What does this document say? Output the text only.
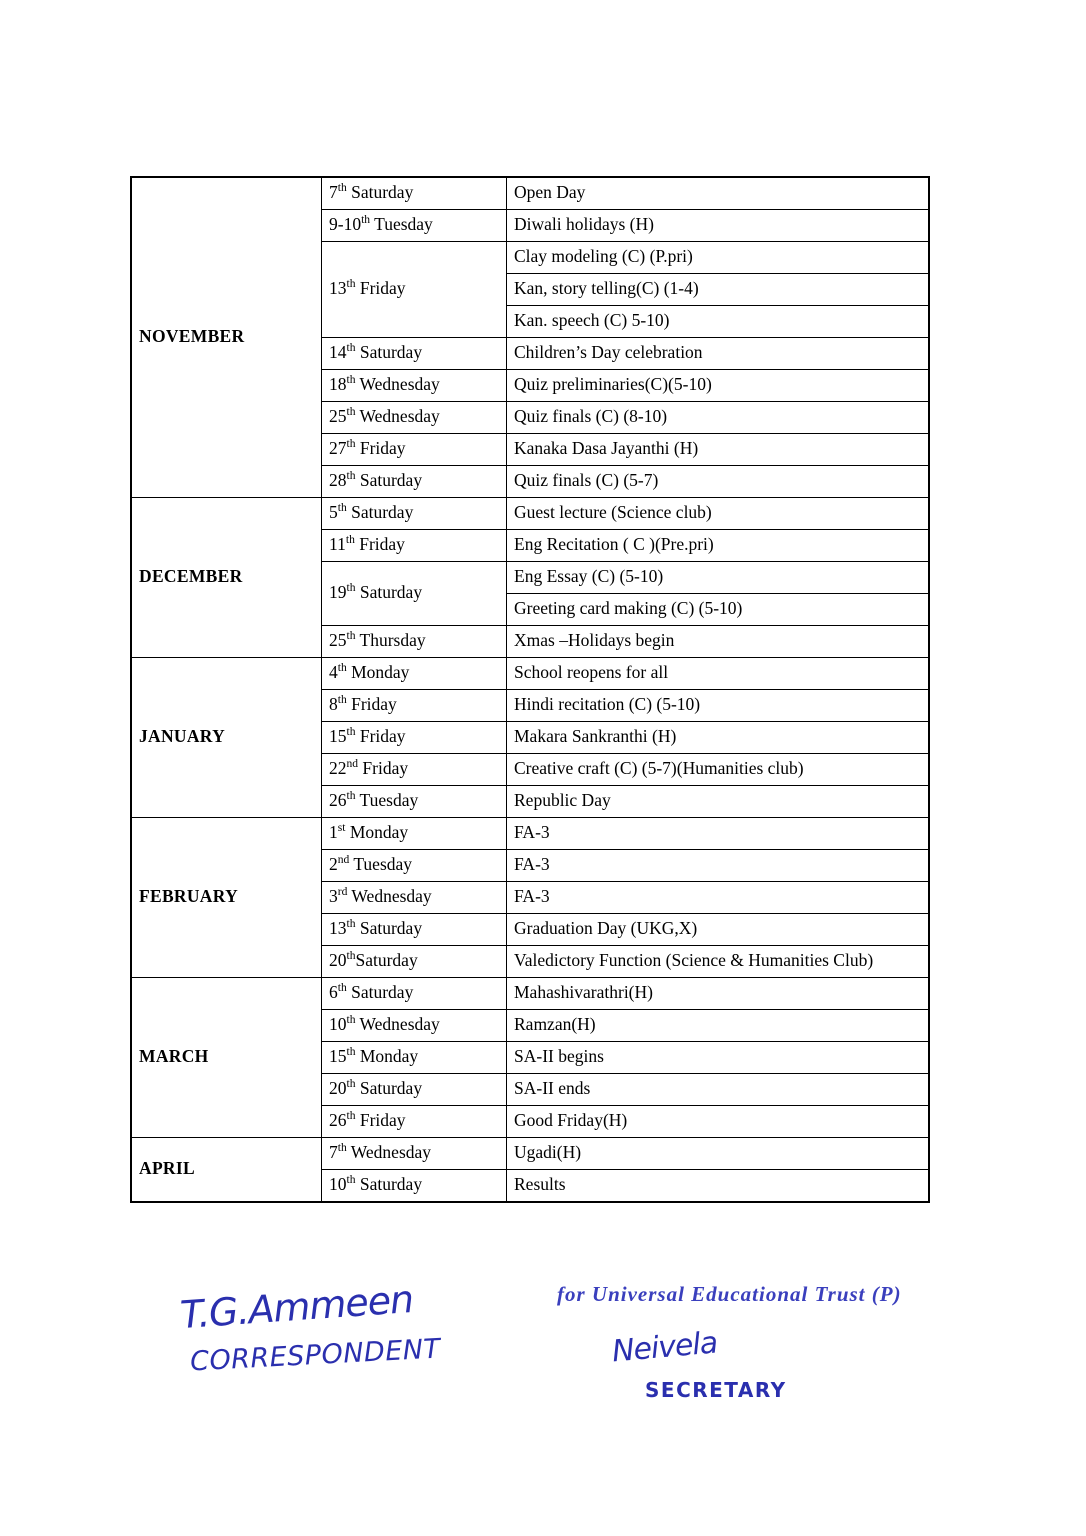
NOVEMBER	7th Saturday	Open Day
	9-10th Tuesday	Diwali holidays (H)
	13th Friday	Clay modeling (C) (P.pri)
		Kan, story telling(C) (1-4)
		Kan. speech (C) 5-10)
	14th Saturday	Children’s Day celebration
	18th Wednesday	Quiz preliminaries(C)(5-10)
	25th Wednesday	Quiz finals (C) (8-10)
	27th Friday	Kanaka Dasa Jayanthi (H)
	28th Saturday	Quiz finals (C) (5-7)
DECEMBER	5th Saturday	Guest lecture (Science club)
	11th Friday	Eng Recitation ( C )(Pre.pri)
	19th Saturday	Eng Essay (C) (5-10)
		Greeting card making (C) (5-10)
	25th Thursday	Xmas –Holidays begin
JANUARY	4th Monday	School reopens for all
	8th Friday	Hindi recitation (C) (5-10)
	15th Friday	Makara Sankranthi (H)
	22nd Friday	Creative craft (C) (5-7)(Humanities club)
	26th Tuesday	Republic Day
FEBRUARY	1st Monday	FA-3
	2nd Tuesday	FA-3
	3rd Wednesday	FA-3
	13th Saturday	Graduation Day (UKG,X)
	20thSaturday	Valedictory Function (Science & Humanities Club)
MARCH	6th Saturday	Mahashivarathri(H)
	10th Wednesday	Ramzan(H)
	15th Monday	SA-II begins
	20th Saturday	SA-II ends
	26th Friday	Good Friday(H)
APRIL	7th Wednesday	Ugadi(H)
	10th Saturday	Results
T.G.Ammeen
CORRESPONDENT
for Universal Educational Trust (P)
Neivela
SECRETARY
